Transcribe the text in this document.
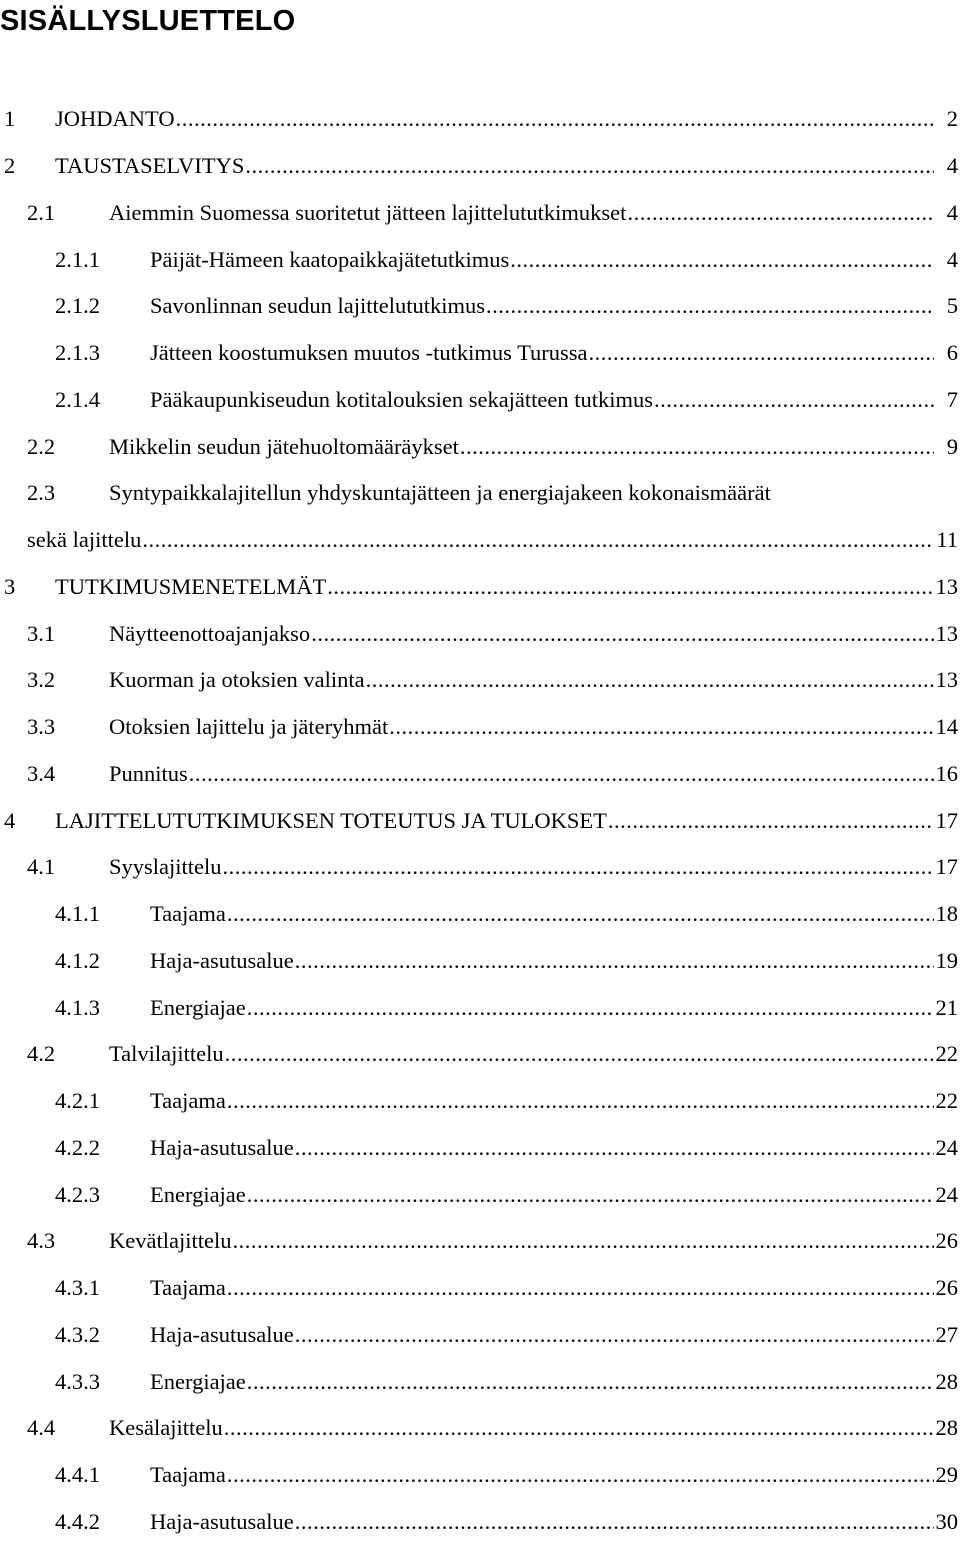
SISÄLLYSLUETTELO
1 JOHDANTO .....	2
2 TAUSTASELVITYS .....	4
2.1 Aiemmin Suomessa suoritetut jätteen lajittelututkimukset .....	4
2.1.1 Päijät-Hämeen kaatopaikkajätetutkimus .....	4
2.1.2 Savonlinnan seudun lajittelututkimus .....	5
2.1.3 Jätteen koostumuksen muutos -tutkimus Turussa .....	6
2.1.4 Pääkaupunkiseudun kotitalouksien sekajätteen tutkimus .....	7
2.2 Mikkelin seudun jätehuoltomääräykset .....	9
2.3 Syntypaikkalajitellun yhdyskuntajätteen ja energiajakeen kokonaismäärät
sekä lajittelu .....	11
3 TUTKIMUSMENETELMÄT .....	13
3.1 Näytteenottoajanjakso .....	13
3.2 Kuorman ja otoksien valinta .....	13
3.3 Otoksien lajittelu ja jäteryhmät .....	14
3.4 Punnitus .....	16
4 LAJITTELUTUTKIMUKSEN TOTEUTUS JA TULOKSET .....	17
4.1 Syyslajittelu .....	17
4.1.1 Taajama .....	18
4.1.2 Haja-asutusalue .....	19
4.1.3 Energiajae .....	21
4.2 Talvilajittelu .....	22
4.2.1 Taajama .....	22
4.2.2 Haja-asutusalue .....	24
4.2.3 Energiajae .....	24
4.3 Kevätlajittelu .....	26
4.3.1 Taajama .....	26
4.3.2 Haja-asutusalue .....	27
4.3.3 Energiajae .....	28
4.4 Kesälajittelu .....	28
4.4.1 Taajama .....	29
4.4.2 Haja-asutusalue .....	30
